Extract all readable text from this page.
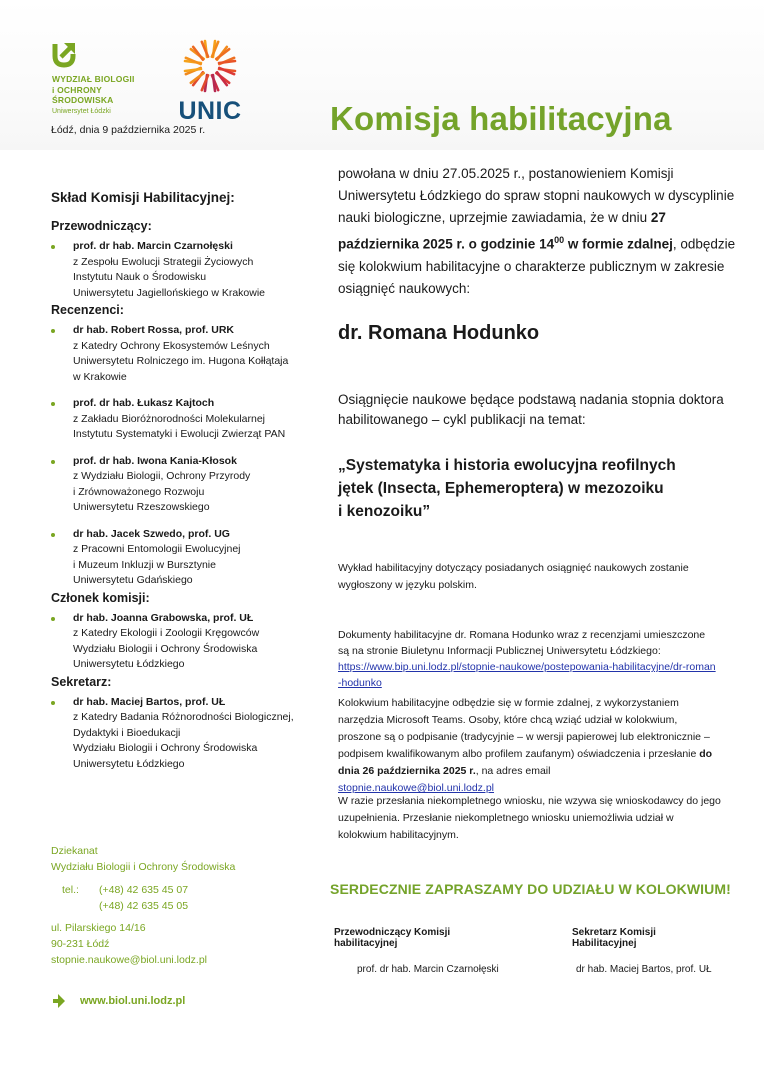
WYDZIAŁ BIOLOGII
i OCHRONY
ŚRODOWISKA
Uniwersytet Łódzki	UNIC
Łódź, dnia 9 października 2025 r.	Komisja habilitacyjna
Skład Komisji Habilitacyjnej:
Przewodniczący:
prof. dr hab. Marcin Czarnołęski
z Zespołu Ewolucji Strategii Życiowych
Instytutu Nauk o Środowisku
Uniwersytetu Jagiellońskiego w Krakowie
Recenzenci:
dr hab. Robert Rossa, prof. URK
z Katedry Ochrony Ekosystemów Leśnych
Uniwersytetu Rolniczego im. Hugona Kołłątaja
w Krakowie
prof. dr hab. Łukasz Kajtoch
z Zakładu Bioróżnorodności Molekularnej
Instytutu Systematyki i Ewolucji Zwierząt PAN
prof. dr hab. Iwona Kania-Kłosok
z Wydziału Biologii, Ochrony Przyrody
i Zrównoważonego Rozwoju
Uniwersytetu Rzeszowskiego
dr hab. Jacek Szwedo, prof. UG
z Pracowni Entomologii Ewolucyjnej
i Muzeum Inkluzji w Bursztynie
Uniwersytetu Gdańskiego
Członek komisji:
dr hab. Joanna Grabowska, prof. UŁ
z Katedry Ekologii i Zoologii Kręgowców
Wydziału Biologii i Ochrony Środowiska
Uniwersytetu Łódzkiego
Sekretarz:
dr hab. Maciej Bartos, prof. UŁ
z Katedry Badania Różnorodności Biologicznej,
Dydaktyki i Bioedukacji
Wydziału Biologii i Ochrony Środowiska
Uniwersytetu Łódzkiego
Dziekanat
Wydziału Biologii i Ochrony Środowiska
tel.:	(+48) 42 635 45 07
(+48) 42 635 45 05
ul. Pilarskiego 14/16
90-231 Łódź
stopnie.naukowe@biol.uni.lodz.pl
www.biol.uni.lodz.pl
powołana w dniu 27.05.2025 r., postanowieniem Komisji Uniwersytetu Łódzkiego do spraw stopni naukowych w dyscyplinie nauki biologiczne, uprzejmie zawiadamia, że w dniu 27 października 2025 r. o godzinie $14^{00}$ w formie zdalnej, odbędzie się kolokwium habilitacyjne o charakterze publicznym w zakresie osiągnięć naukowych:
dr. Romana Hodunko
Osiągnięcie naukowe będące podstawą nadania stopnia doktora habilitowanego – cykl publikacji na temat:
„Systematyka i historia ewolucyjna reofilnych
jętek (Insecta, Ephemeroptera) w mezozoiku
i kenozoiku”
Wykład habilitacyjny dotyczący posiadanych osiągnięć naukowych zostanie wygłoszony w języku polskim.
Dokumenty habilitacyjne dr. Romana Hodunko wraz z recenzjami umieszczone są na stronie Biuletynu Informacji Publicznej Uniwersytetu Łódzkiego:
https://www.bip.uni.lodz.pl/stopnie-naukowe/postepowania-habilitacyjne/dr-roman-hodunko
Kolokwium habilitacyjne odbędzie się w formie zdalnej, z wykorzystaniem narzędzia Microsoft Teams. Osoby, które chcą wziąć udział w kolokwium, proszone są o podpisanie (tradycyjnie – w wersji papierowej lub elektronicznie – podpisem kwalifikowanym albo profilem zaufanym) oświadczenia i przesłanie do dnia 26 października 2025 r., na adres email
stopnie.naukowe@biol.uni.lodz.pl
W razie przesłania niekompletnego wniosku, nie wzywa się wnioskodawcy do jego uzupełnienia. Przesłanie niekompletnego wniosku uniemożliwia udział w kolokwium habilitacyjnym.
SERDECZNIE ZAPRASZAMY DO UDZIAŁU W KOLOKWIUM!
Przewodniczący Komisji habilitacyjnej
prof. dr hab. Marcin Czarnołęski
Sekretarz Komisji Habilitacyjnej
dr hab. Maciej Bartos, prof. UŁ
